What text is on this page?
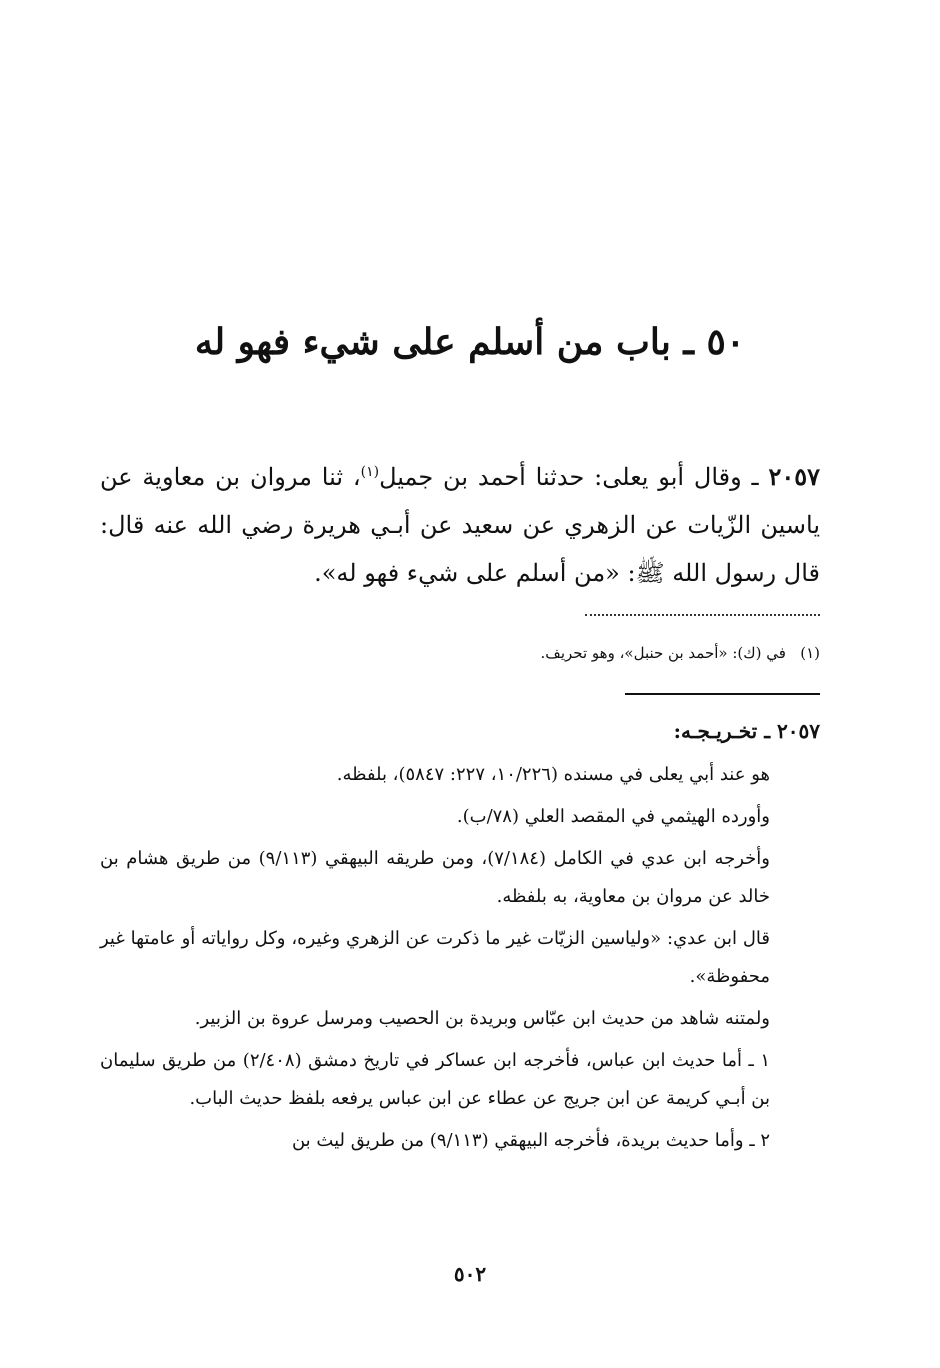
٥٠ ـ باب من أسلم على شيء فهو له
٢٠٥٧ ـ وقال أبو يعلى: حدثنا أحمد بن جميل$^{(١)}$، ثنا مروان بن معاوية عن ياسين الزّيات عن الزهري عن سعيد عن أبـي هريرة رضي الله عنه قال: قال رسول الله ﷺ: «من أسلم على شيء فهو له».
(١)   في (ك): «أحمد بن حنبل»، وهو تحريف.
٢٠٥٧ ـ تخـريـجـه:

هو عند أبي يعلى في مسنده (١٠/٢٢٦، ٢٢٧: ٥٨٤٧)، بلفظه.

وأورده الهيثمي في المقصد العلي (٧٨/ب).

وأخرجه ابن عدي في الكامل (٧/١٨٤)، ومن طريقه البيهقي (٩/١١٣) من طريق هشام بن خالد عن مروان بن معاوية، به بلفظه.

قال ابن عدي: «ولياسين الزيّات غير ما ذكرت عن الزهري وغيره، وكل رواياته أو عامتها غير محفوظة».

ولمتنه شاهد من حديث ابن عبّاس وبريدة بن الحصيب ومرسل عروة بن الزبير.

١ ـ أما حديث ابن عباس، فأخرجه ابن عساكر في تاريخ دمشق (٢/٤٠٨) من طريق سليمان بن أبـي كريمة عن ابن جريج عن عطاء عن ابن عباس يرفعه بلفظ حديث الباب.

٢ ـ وأما حديث بريدة، فأخرجه البيهقي (٩/١١٣) من طريق ليث بن

٥٠٢
